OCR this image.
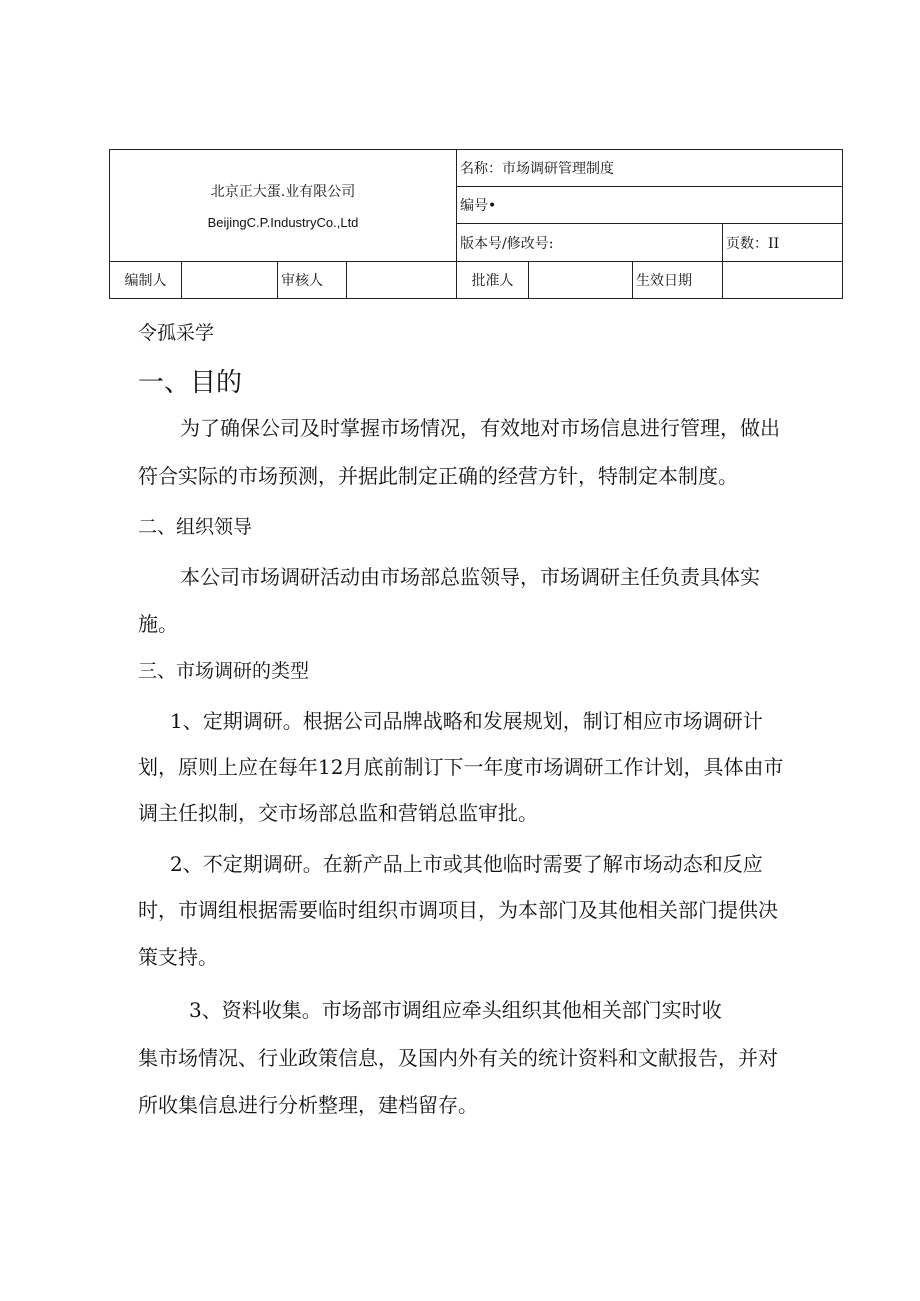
北京正大蛋.业有限公司
BeijingC.P.IndustryCo.,Ltd				名称：市场调研管理制度			
				编号•			
				版本号/修改号:			页数：II
编制人		审核人		批准人		生效日期	
令孤采学
一、目的
为了确保公司及时掌握市场情况，有效地对市场信息进行管理，做出
符合实际的市场预测，并据此制定正确的经营方针，特制定本制度。
二、组织领导
本公司市场调研活动由市场部总监领导，市场调研主任负责具体实
施。
三、市场调研的类型
1、定期调研。根据公司品牌战略和发展规划，制订相应市场调研计
划，原则上应在每年12月底前制订下一年度市场调研工作计划，具体由市
调主任拟制，交市场部总监和营销总监审批。
2、不定期调研。在新产品上市或其他临时需要了解市场动态和反应
时，市调组根据需要临时组织市调项目，为本部门及其他相关部门提供决
策支持。
3、资料收集。市场部市调组应牵头组织其他相关部门实时收
集市场情况、行业政策信息，及国内外有关的统计资料和文献报告，并对
所收集信息进行分析整理，建档留存。
